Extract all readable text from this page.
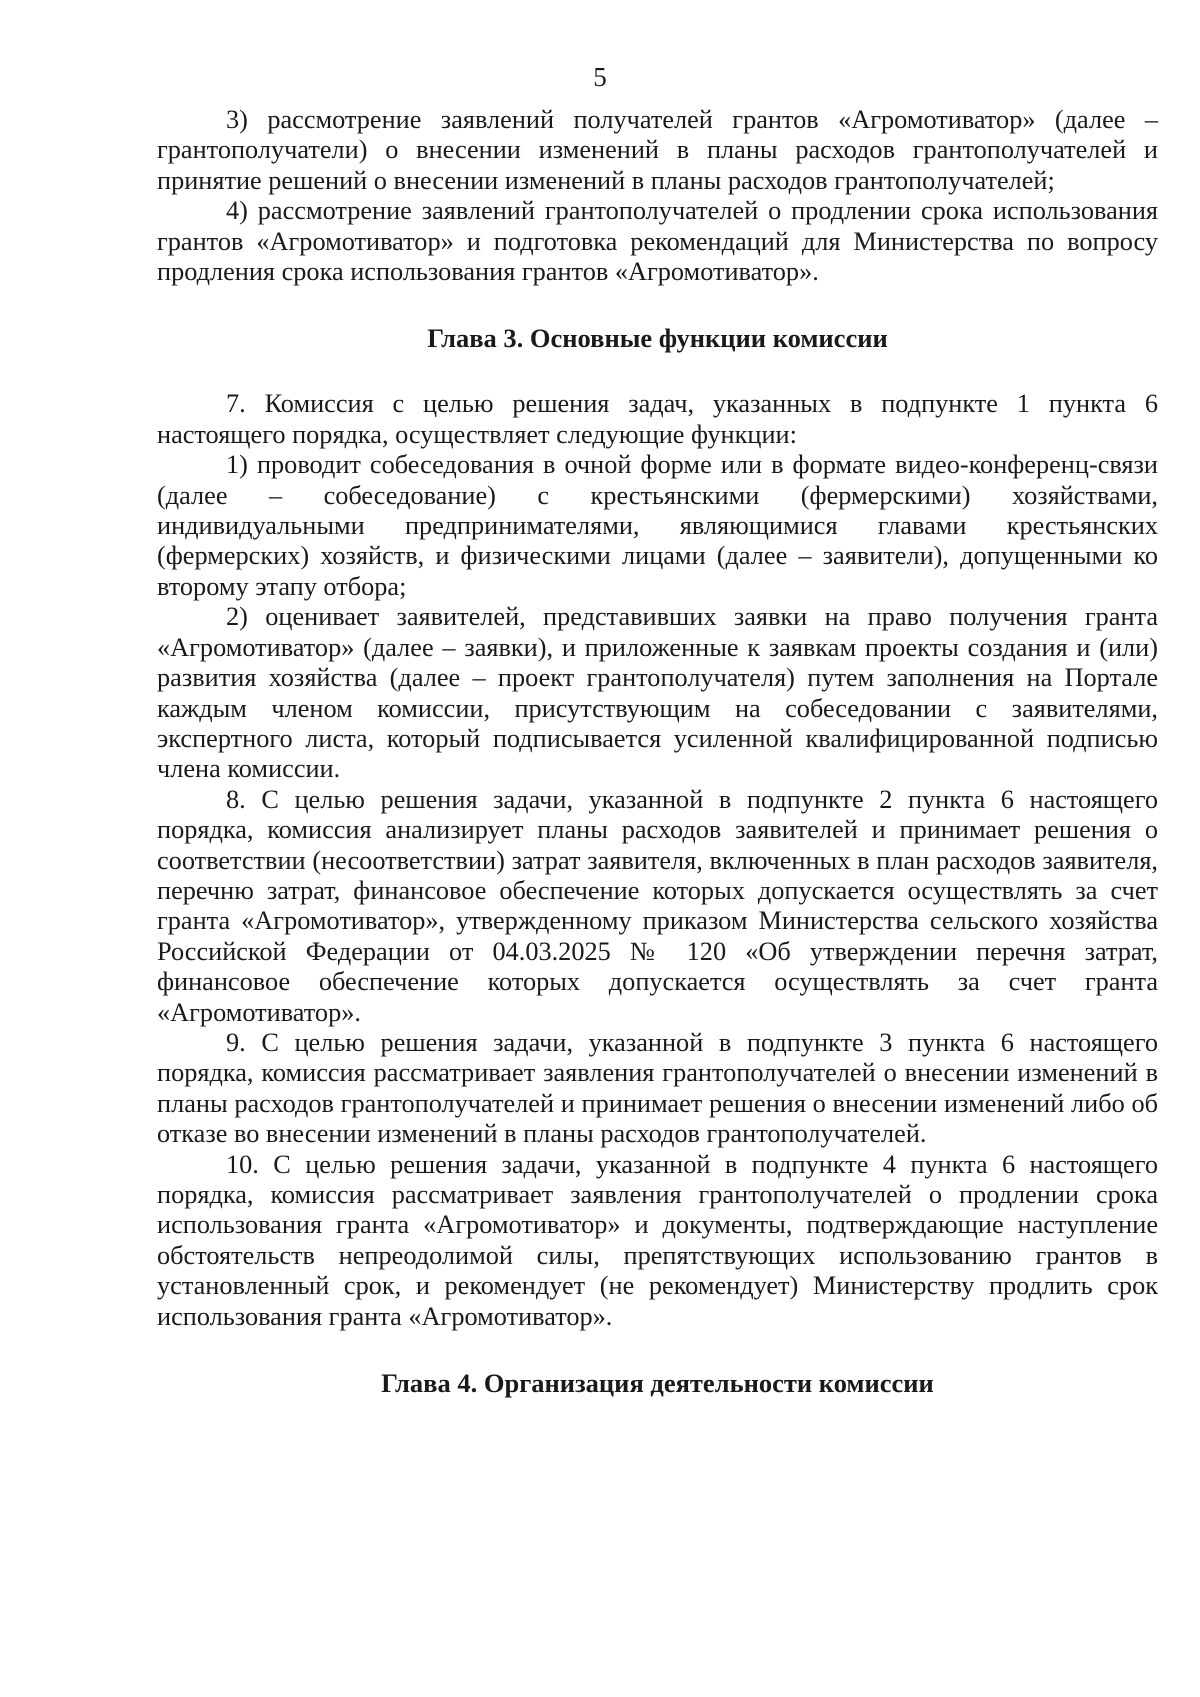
5

3) рассмотрение заявлений получателей грантов «Агромотиватор» (далее – грантополучатели) о внесении изменений в планы расходов грантополучателей и принятие решений о внесении изменений в планы расходов грантополучателей;

4) рассмотрение заявлений грантополучателей о продлении срока использования грантов «Агромотиватор» и подготовка рекомендаций для Министерства по вопросу продления срока использования грантов «Агромотиватор».

Глава 3. Основные функции комиссии

7. Комиссия с целью решения задач, указанных в подпункте 1 пункта 6 настоящего порядка, осуществляет следующие функции:

1) проводит собеседования в очной форме или в формате видео-конференц-связи (далее – собеседование) с крестьянскими (фермерскими) хозяйствами, индивидуальными предпринимателями, являющимися главами крестьянских (фермерских) хозяйств, и физическими лицами (далее – заявители), допущенными ко второму этапу отбора;

2) оценивает заявителей, представивших заявки на право получения гранта «Агромотиватор» (далее – заявки), и приложенные к заявкам проекты создания и (или) развития хозяйства (далее – проект грантополучателя) путем заполнения на Портале каждым членом комиссии, присутствующим на собеседовании с заявителями, экспертного листа, который подписывается усиленной квалифицированной подписью члена комиссии.

8. С целью решения задачи, указанной в подпункте 2 пункта 6 настоящего порядка, комиссия анализирует планы расходов заявителей и принимает решения о соответствии (несоответствии) затрат заявителя, включенных в план расходов заявителя, перечню затрат, финансовое обеспечение которых допускается осуществлять за счет гранта «Агромотиватор», утвержденному приказом Министерства сельского хозяйства Российской Федерации от 04.03.2025 № 120 «Об утверждении перечня затрат, финансовое обеспечение которых допускается осуществлять за счет гранта «Агромотиватор».

9. С целью решения задачи, указанной в подпункте 3 пункта 6 настоящего порядка, комиссия рассматривает заявления грантополучателей о внесении изменений в планы расходов грантополучателей и принимает решения о внесении изменений либо об отказе во внесении изменений в планы расходов грантополучателей.

10. С целью решения задачи, указанной в подпункте 4 пункта 6 настоящего порядка, комиссия рассматривает заявления грантополучателей о продлении срока использования гранта «Агромотиватор» и документы, подтверждающие наступление обстоятельств непреодолимой силы, препятствующих использованию грантов в установленный срок, и рекомендует (не рекомендует) Министерству продлить срок использования гранта «Агромотиватор».

Глава 4. Организация деятельности комиссии
